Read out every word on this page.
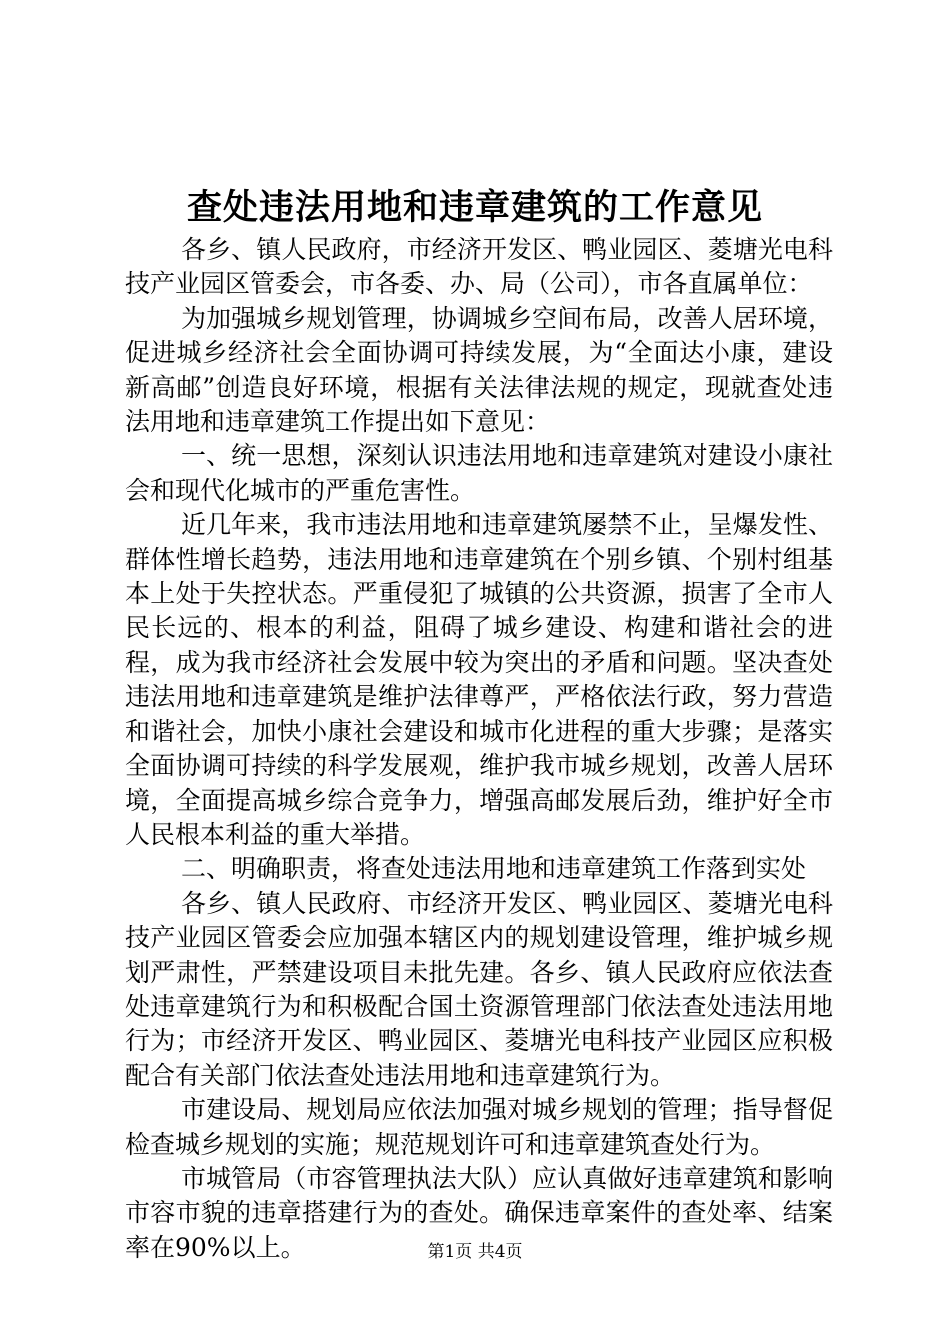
查处违法用地和违章建筑的工作意见

各乡、镇人民政府，市经济开发区、鸭业园区、菱塘光电科技产业园区管委会，市各委、办、局（公司），市各直属单位：

为加强城乡规划管理，协调城乡空间布局，改善人居环境，促进城乡经济社会全面协调可持续发展，为“全面达小康，建设新高邮”创造良好环境，根据有关法律法规的规定，现就查处违法用地和违章建筑工作提出如下意见：

一、统一思想，深刻认识违法用地和违章建筑对建设小康社会和现代化城市的严重危害性。

近几年来，我市违法用地和违章建筑屡禁不止，呈爆发性、群体性增长趋势，违法用地和违章建筑在个别乡镇、个别村组基本上处于失控状态。严重侵犯了城镇的公共资源，损害了全市人民长远的、根本的利益，阻碍了城乡建设、构建和谐社会的进程，成为我市经济社会发展中较为突出的矛盾和问题。坚决查处违法用地和违章建筑是维护法律尊严，严格依法行政，努力营造和谐社会，加快小康社会建设和城市化进程的重大步骤；是落实全面协调可持续的科学发展观，维护我市城乡规划，改善人居环境，全面提高城乡综合竞争力，增强高邮发展后劲，维护好全市人民根本利益的重大举措。

二、明确职责，将查处违法用地和违章建筑工作落到实处

各乡、镇人民政府、市经济开发区、鸭业园区、菱塘光电科技产业园区管委会应加强本辖区内的规划建设管理，维护城乡规划严肃性，严禁建设项目未批先建。各乡、镇人民政府应依法查处违章建筑行为和积极配合国土资源管理部门依法查处违法用地行为；市经济开发区、鸭业园区、菱塘光电科技产业园区应积极配合有关部门依法查处违法用地和违章建筑行为。

市建设局、规划局应依法加强对城乡规划的管理；指导督促检查城乡规划的实施；规范规划许可和违章建筑查处行为。

市城管局（市容管理执法大队）应认真做好违章建筑和影响市容市貌的违章搭建行为的查处。确保违章案件的查处率、结案率在90%以上。	第1页 共4页
